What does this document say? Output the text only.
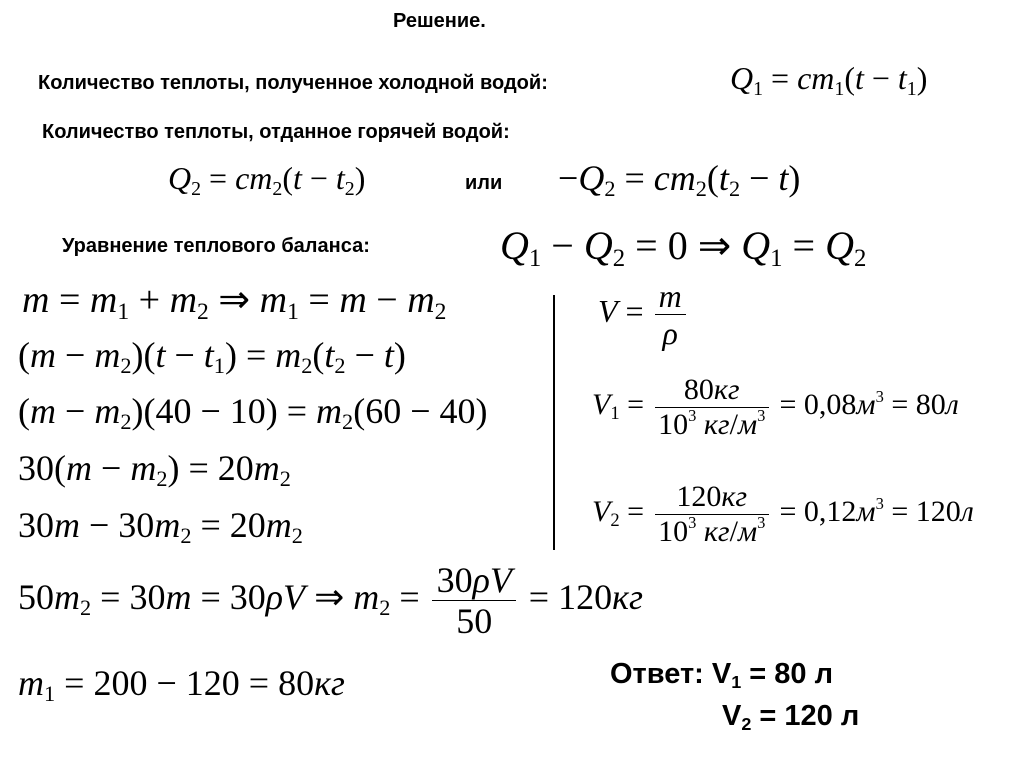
Решение.
Количество теплоты, полученное холодной водой:	$Q_1 = cm_1(t - t_1)$
Количество теплоты, отданное горячей водой:
$Q_2 = cm_2(t - t_2)$	или $-Q_2 = cm_2(t_2 - t)$
Уравнение теплового баланса:	$Q_1 - Q_2 = 0$ ⇒ $Q_1 = Q_2$
$m = m_1 + m_2$ ⇒ $m_1 = m - m_2$
$(m - m_2)(t - t_1) = m_2(t_2 - t)$
$(m - m_2)(40 - 10) = m_2(60 - 40)$
$30(m - m_2) = 20m_2$
$30m - 30m_2 = 20m_2$
$V = \frac{m}{\rho}$
$V_1 = \frac{80кг}{10^3 кг/м^3} = 0,08м^3 = 80л$
$V_2 = \frac{120кг}{10^3 кг/м^3} = 0,12м^3 = 120л$
$50m_2 = 30m = 30\rho V$ ⇒ $m_2 = \frac{30\rho V}{50} = 120кг$
$m_1 = 200 - 120 = 80кг$	Ответ: $V_1 = 80$ л
$V_2 = 120$ л
